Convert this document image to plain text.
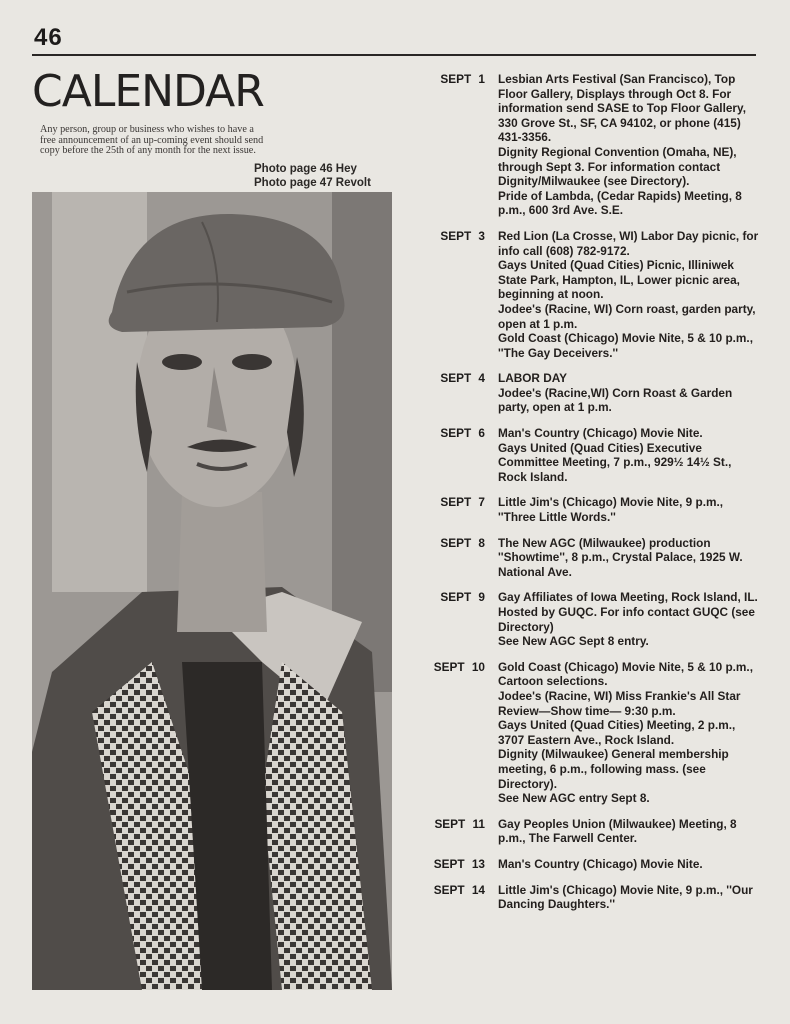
46
CALENDAR
Any person, group or business who wishes to have a free announcement of an up-coming event should send copy before the 25th of any month for the next issue.
Photo page 46 Hey
Photo page 47 Revolt
SEPT 1	Lesbian Arts Festival (San Francisco), Top Floor Gallery, Displays through Oct 8. For information send SASE to Top Floor Gallery, 330 Grove St., SF, CA 94102, or phone (415) 431-3356.

Dignity Regional Convention (Omaha, NE), through Sept 3. For information contact Dignity/Milwaukee (see Directory).

Pride of Lambda, (Cedar Rapids) Meeting, 8 p.m., 600 3rd Ave. S.E.

SEPT 3	Red Lion (La Crosse, WI) Labor Day picnic, for info call (608) 782-9172.

Gays United (Quad Cities) Picnic, Illiniwek State Park, Hampton, IL, Lower picnic area, beginning at noon.

Jodee's (Racine, WI) Corn roast, garden party, open at 1 p.m.

Gold Coast (Chicago) Movie Nite, 5 & 10 p.m., ''The Gay Deceivers.''

SEPT 4	LABOR DAY

Jodee's (Racine,WI) Corn Roast & Garden party, open at 1 p.m.

SEPT 6	Man's Country (Chicago) Movie Nite.

Gays United (Quad Cities) Executive Committee Meeting, 7 p.m., 929½ 14½ St., Rock Island.

SEPT 7	Little Jim's (Chicago) Movie Nite, 9 p.m., ''Three Little Words.''

SEPT 8	The New AGC (Milwaukee) production ''Showtime'', 8 p.m., Crystal Palace, 1925 W. National Ave.

SEPT 9	Gay Affiliates of Iowa Meeting, Rock Island, IL. Hosted by GUQC. For info contact GUQC (see Directory)

See New AGC Sept 8 entry.

SEPT 10	Gold Coast (Chicago) Movie Nite, 5 & 10 p.m., Cartoon selections.

Jodee's (Racine, WI) Miss Frankie's All Star Review—Show time— 9:30 p.m.

Gays United (Quad Cities) Meeting, 2 p.m., 3707 Eastern Ave., Rock Island.

Dignity (Milwaukee) General membership meeting, 6 p.m., following mass. (see Directory).

See New AGC entry Sept 8.

SEPT 11	Gay Peoples Union (Milwaukee) Meeting, 8 p.m., The Farwell Center.

SEPT 13	Man's Country (Chicago) Movie Nite.

SEPT 14	Little Jim's (Chicago) Movie Nite, 9 p.m., ''Our Dancing Daughters.''
